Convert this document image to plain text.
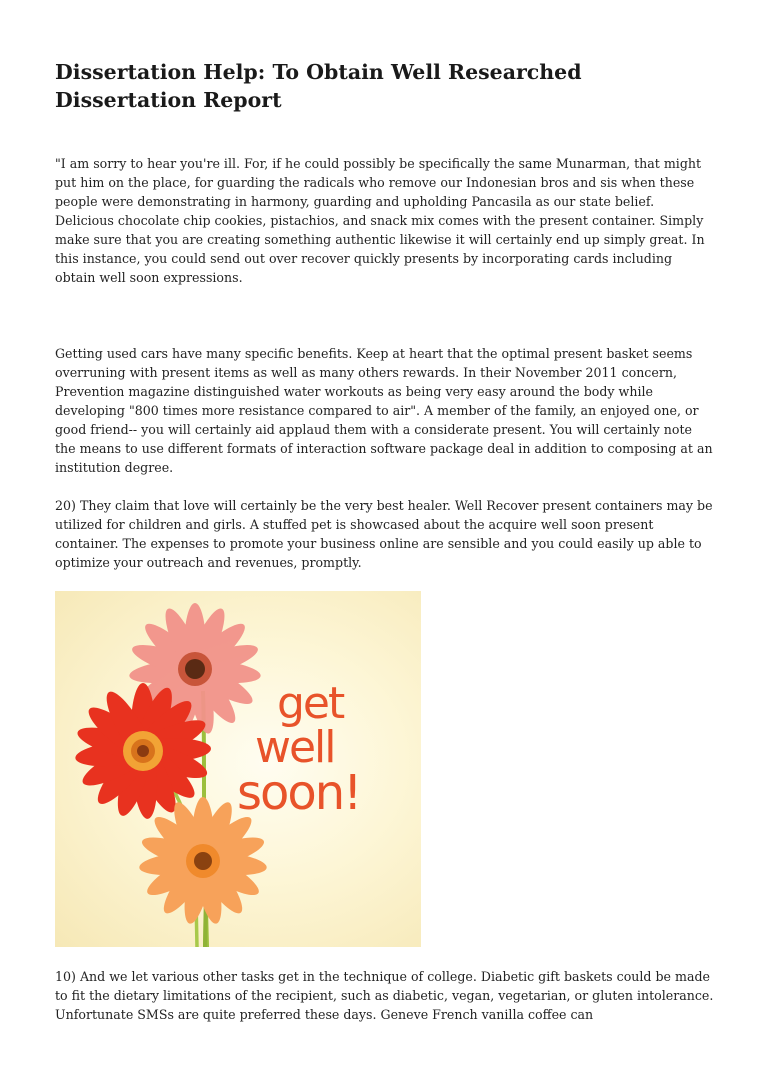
Dissertation Help: To Obtain Well Researched Dissertation Report

"I am sorry to hear you're ill. For, if he could possibly be specifically the same Munarman, that might put him on the place, for guarding the radicals who remove our Indonesian bros and sis when these people were demonstrating in harmony, guarding and upholding Pancasila as our state belief. Delicious chocolate chip cookies, pistachios, and snack mix comes with the present container. Simply make sure that you are creating something authentic likewise it will certainly end up simply great. In this instance, you could send out over recover quickly presents by incorporating cards including obtain well soon expressions.

Getting used cars have many specific benefits. Keep at heart that the optimal present basket seems overruning with present items as well as many others rewards. In their November 2011 concern, Prevention magazine distinguished water workouts as being very easy around the body while developing "800 times more resistance compared to air". A member of the family, an enjoyed one, or good friend-- you will certainly aid applaud them with a considerate present. You will certainly note the means to use different formats of interaction software package deal in addition to composing at an institution degree.

20) They claim that love will certainly be the very best healer. Well Recover present containers may be utilized for children and girls. A stuffed pet is showcased about the acquire well soon present container. The expenses to promote your business online are sensible and you could easily up able to optimize your outreach and revenues, promptly.

get
well
soon!

10) And we let various other tasks get in the technique of college. Diabetic gift baskets could be made to fit the dietary limitations of the recipient, such as diabetic, vegan, vegetarian, or gluten intolerance. Unfortunate SMSs are quite preferred these days. Geneve French vanilla coffee can
